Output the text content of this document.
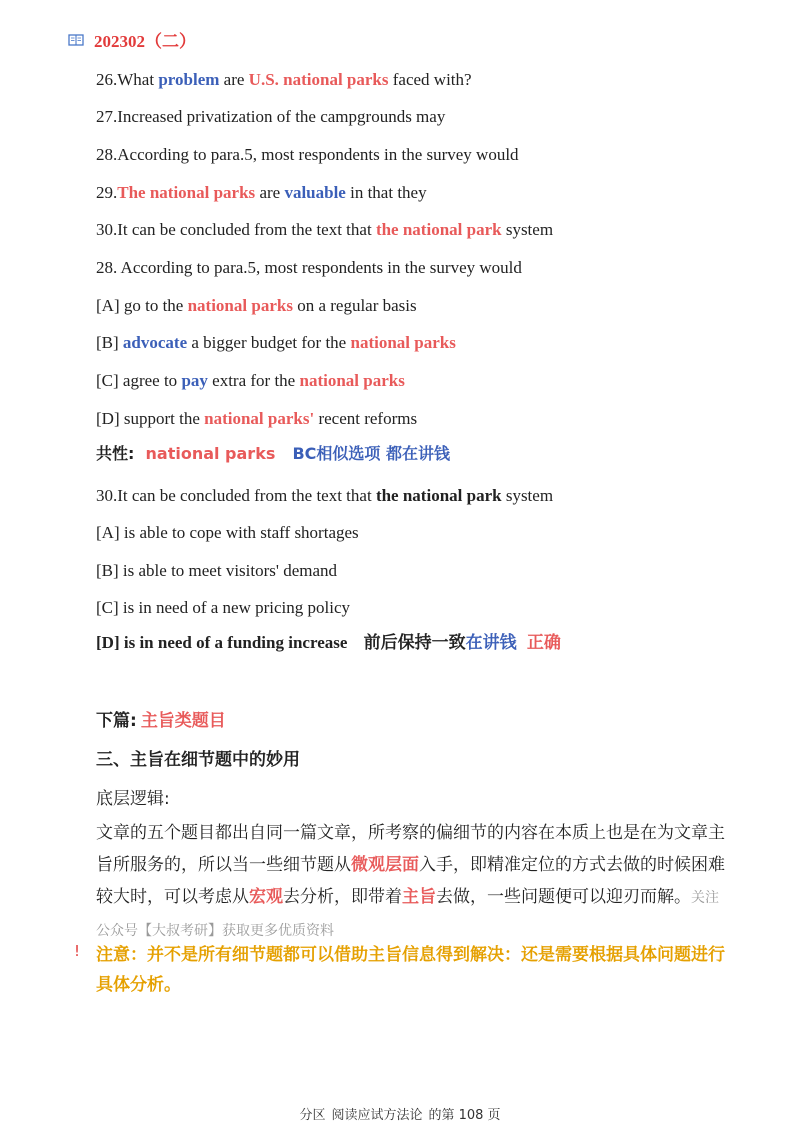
202302（二）
26.What problem are U.S. national parks faced with?
27.Increased privatization of the campgrounds may
28.According to para.5, most respondents in the survey would
29.The national parks are valuable in that they
30.It can be concluded from the text that the national park system
28. According to para.5, most respondents in the survey would
[A] go to the national parks on a regular basis
[B] advocate a bigger budget for the national parks
[C] agree to pay extra for the national parks
[D] support the national parks' recent reforms
共性: national parks BC相似选项 都在讲钱
30.It can be concluded from the text that the national park system
[A] is able to cope with staff shortages
[B] is able to meet visitors' demand
[C] is in need of a new pricing policy
[D] is in need of a funding increase 前后保持一致在讲钱 正确
下篇: 主旨类题目
三、主旨在细节题中的妙用
底层逻辑:
文章的五个题目都出自同一篇文章，所考察的偏细节的内容在本质上也是在为文章主旨所服务的，所以当一些细节题从微观层面入手，即精准定位的方式去做的时候困难较大时，可以考虑从宏观去分析，即带着主旨去做，一些问题便可以迎刃而解。关注公众号【大叔考研】获取更多优质资料
! 注意：并不是所有细节题都可以借助主旨信息得到解决：还是需要根据具体问题进行具体分析。
分区 阅读应试方法论 的第 108 页
